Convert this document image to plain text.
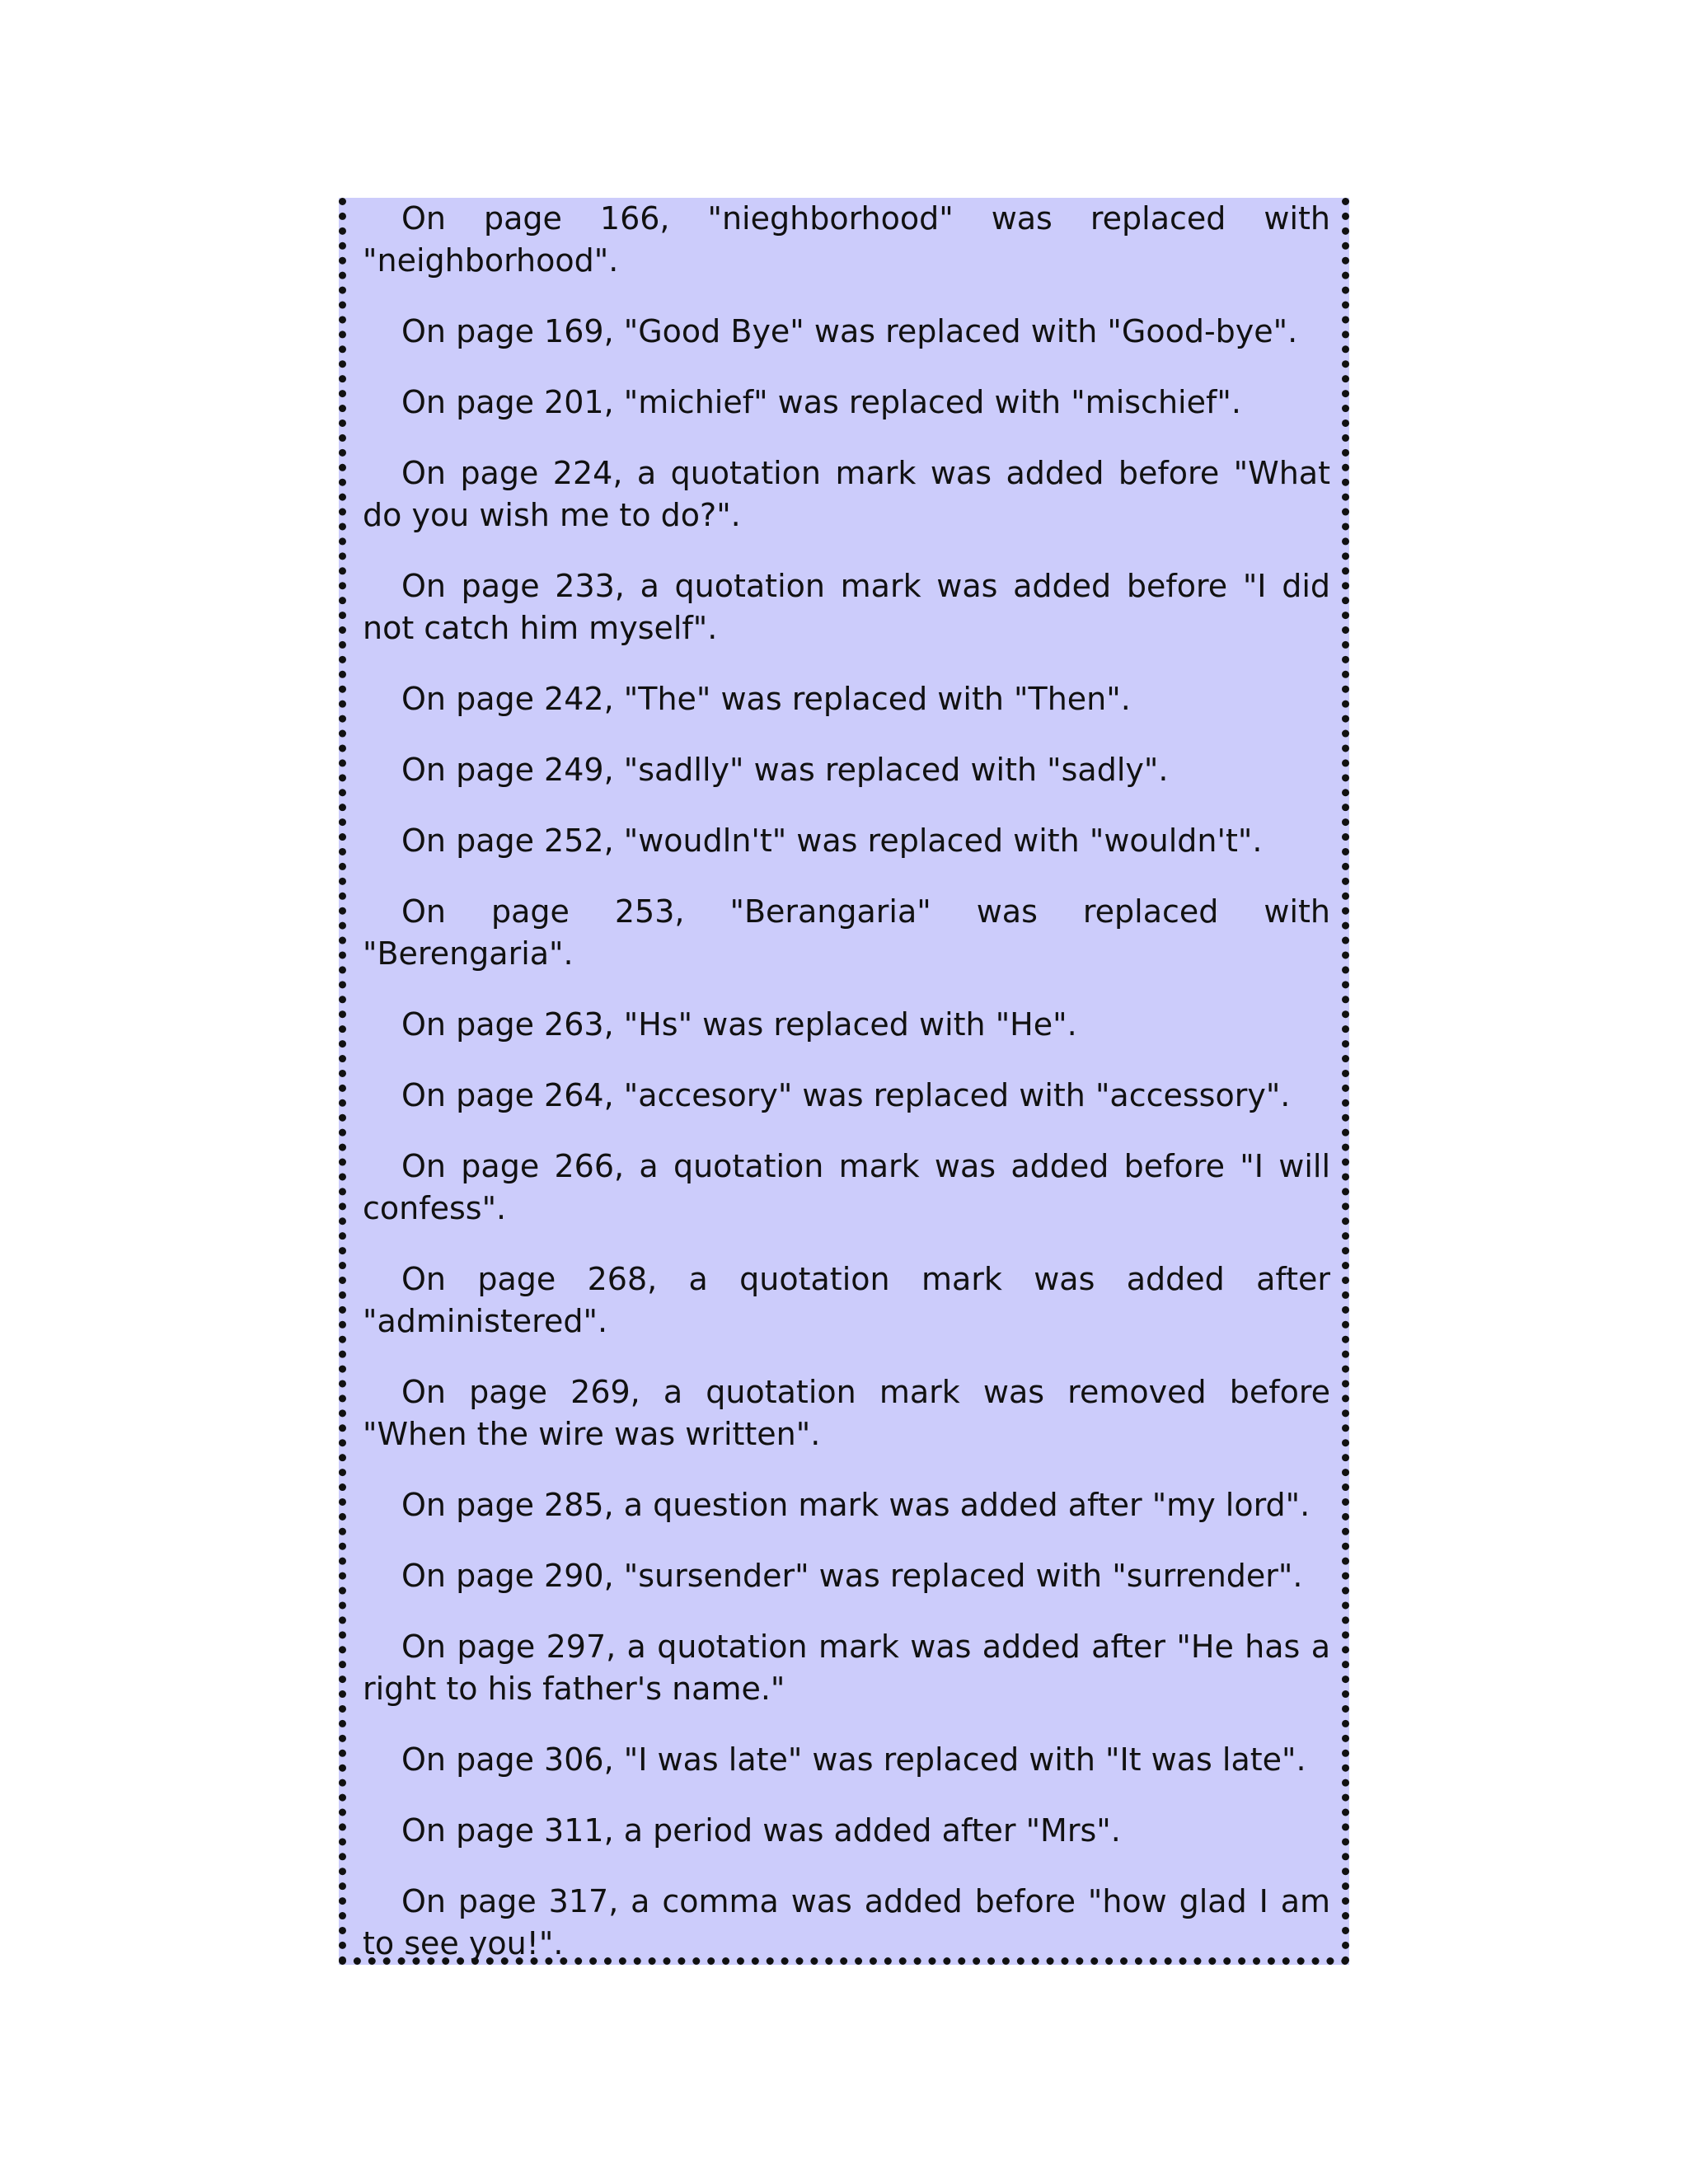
On page 166, "nieghborhood" was replaced with "neighborhood".

On page 169, "Good Bye" was replaced with "Good-bye".

On page 201, "michief" was replaced with "mischief".

On page 224, a quotation mark was added before "What do you wish me to do?".

On page 233, a quotation mark was added before "I did not catch him myself".

On page 242, "The" was replaced with "Then".

On page 249, "sadlly" was replaced with "sadly".

On page 252, "woudln't" was replaced with "wouldn't".

On page 253, "Berangaria" was replaced with "Berengaria".

On page 263, "Hs" was replaced with "He".

On page 264, "accesory" was replaced with "accessory".

On page 266, a quotation mark was added before "I will confess".

On page 268, a quotation mark was added after "administered".

On page 269, a quotation mark was removed before "When the wire was written".

On page 285, a question mark was added after "my lord".

On page 290, "sursender" was replaced with "surrender".

On page 297, a quotation mark was added after "He has a right to his father's name."

On page 306, "I was late" was replaced with "It was late".

On page 311, a period was added after "Mrs".

On page 317, a comma was added before "how glad I am to see you!".
